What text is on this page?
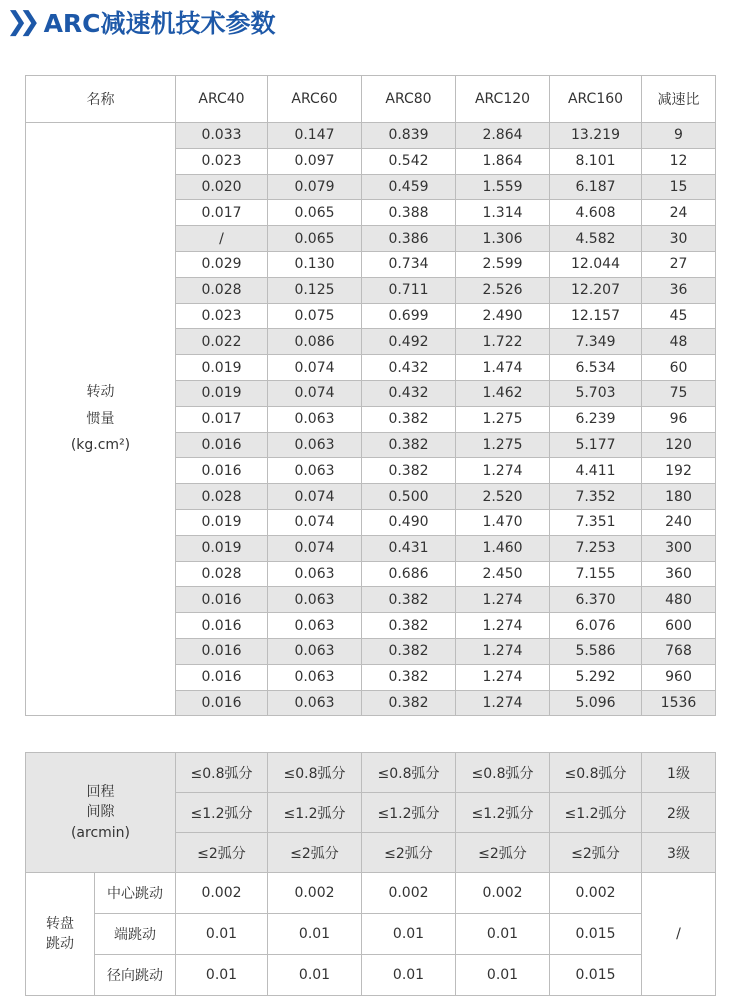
❯❯ ARC减速机技术参数
名称	ARC40	ARC60	ARC80	ARC120	ARC160	减速比

转动
惯量
(kg.cm²)	0.033	0.147	0.839	2.864	13.219	9
	0.023	0.097	0.542	1.864	8.101	12
	0.020	0.079	0.459	1.559	6.187	15
	0.017	0.065	0.388	1.314	4.608	24
	/	0.065	0.386	1.306	4.582	30
	0.029	0.130	0.734	2.599	12.044	27
	0.028	0.125	0.711	2.526	12.207	36
	0.023	0.075	0.699	2.490	12.157	45
	0.022	0.086	0.492	1.722	7.349	48
	0.019	0.074	0.432	1.474	6.534	60
	0.019	0.074	0.432	1.462	5.703	75
	0.017	0.063	0.382	1.275	6.239	96
	0.016	0.063	0.382	1.275	5.177	120
	0.016	0.063	0.382	1.274	4.411	192
	0.028	0.074	0.500	2.520	7.352	180
	0.019	0.074	0.490	1.470	7.351	240
	0.019	0.074	0.431	1.460	7.253	300
	0.028	0.063	0.686	2.450	7.155	360
	0.016	0.063	0.382	1.274	6.370	480
	0.016	0.063	0.382	1.274	6.076	600
	0.016	0.063	0.382	1.274	5.586	768
	0.016	0.063	0.382	1.274	5.292	960
	0.016	0.063	0.382	1.274	5.096	1536
回程
间隙
(arcmin)		≤0.8弧分	≤0.8弧分	≤0.8弧分	≤0.8弧分	≤0.8弧分	1级
		≤1.2弧分	≤1.2弧分	≤1.2弧分	≤1.2弧分	≤1.2弧分	2级
		≤2弧分	≤2弧分	≤2弧分	≤2弧分	≤2弧分	3级

转盘
跳动	中心跳动	0.002	0.002	0.002	0.002	0.002	/
	端跳动	0.01	0.01	0.01	0.01	0.015	
	径向跳动	0.01	0.01	0.01	0.01	0.015	
